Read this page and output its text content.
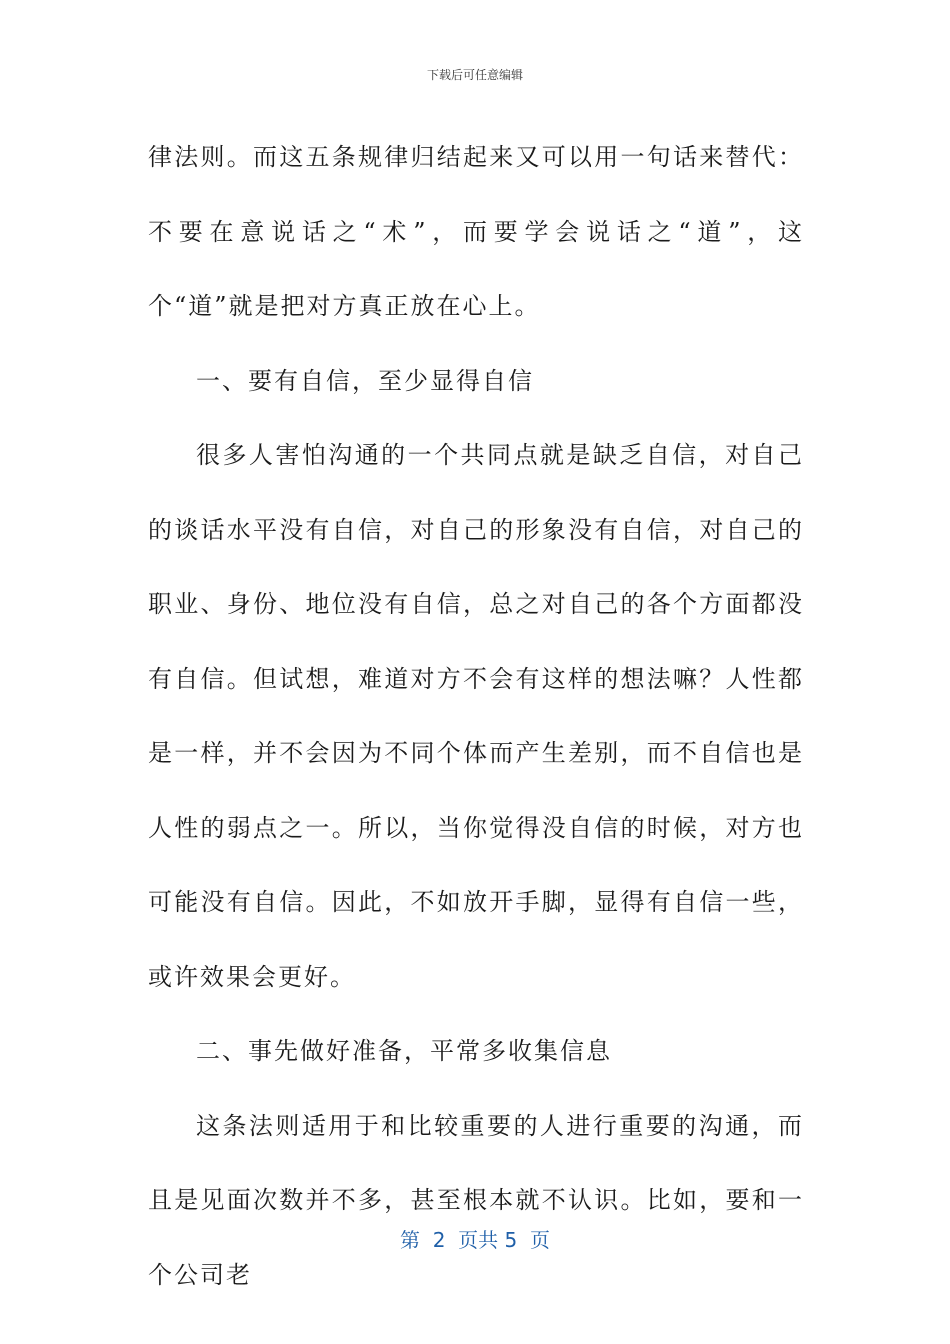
下载后可任意编辑

律法则。而这五条规律归结起来又可以用一句话来替代：不要在意说话之“术”，而要学会说话之“道”，这个“道”就是把对方真正放在心上。

一、要有自信，至少显得自信

很多人害怕沟通的一个共同点就是缺乏自信，对自己的谈话水平没有自信，对自己的形象没有自信，对自己的职业、身份、地位没有自信，总之对自己的各个方面都没有自信。但试想，难道对方不会有这样的想法嘛？人性都是一样，并不会因为不同个体而产生差别，而不自信也是人性的弱点之一。所以，当你觉得没自信的时候，对方也可能没有自信。因此，不如放开手脚，显得有自信一些，或许效果会更好。

二、事先做好准备，平常多收集信息

这条法则适用于和比较重要的人进行重要的沟通，而且是见面次数并不多，甚至根本就不认识。比如，要和一个公司老

第  2  页共 5  页
